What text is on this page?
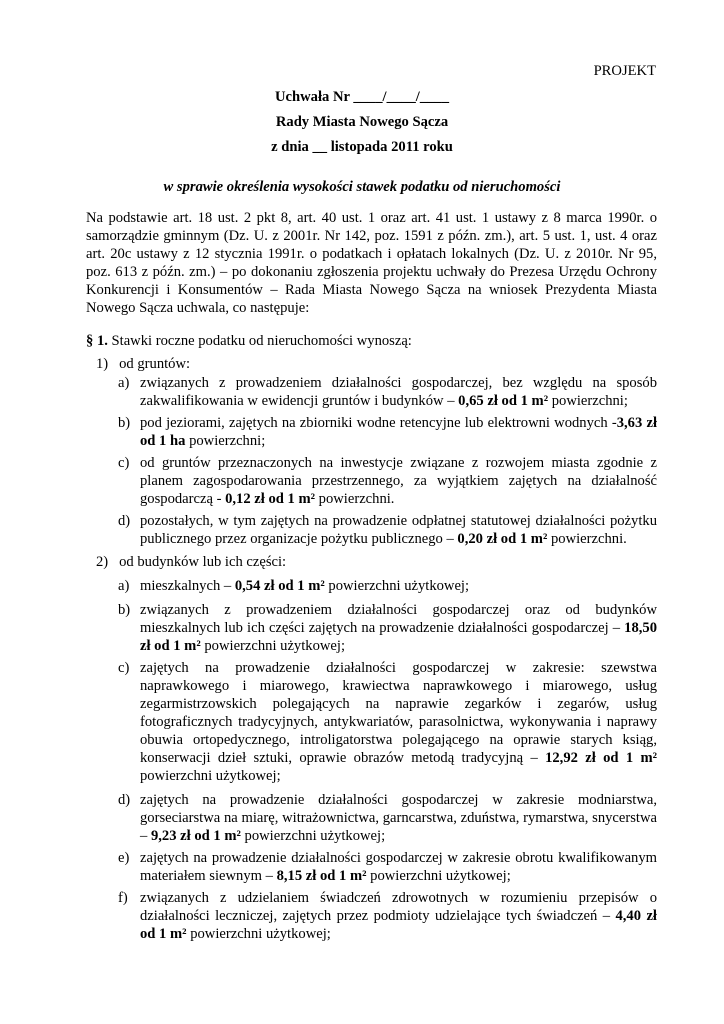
PROJEKT
Uchwała Nr ____/____/____
Rady Miasta Nowego Sącza
z dnia __ listopada 2011 roku
w sprawie określenia wysokości stawek podatku od nieruchomości
Na podstawie art. 18 ust. 2 pkt 8, art. 40 ust. 1 oraz art. 41 ust. 1 ustawy z 8 marca 1990r. o samorządzie gminnym (Dz. U. z 2001r. Nr 142, poz. 1591 z późn. zm.), art. 5 ust. 1, ust. 4 oraz art. 20c ustawy z 12 stycznia 1991r. o podatkach i opłatach lokalnych (Dz. U. z 2010r. Nr 95, poz. 613 z późn. zm.) – po dokonaniu zgłoszenia projektu uchwały do Prezesa Urzędu Ochrony Konkurencji i Konsumentów – Rada Miasta Nowego Sącza na wniosek Prezydenta Miasta Nowego Sącza uchwala, co następuje:
§ 1. Stawki roczne podatku od nieruchomości wynoszą:
1) od gruntów:
a) związanych z prowadzeniem działalności gospodarczej, bez względu na sposób zakwalifikowania w ewidencji gruntów i budynków – 0,65 zł od 1 m² powierzchni;
b) pod jeziorami, zajętych na zbiorniki wodne retencyjne lub elektrowni wodnych -3,63 zł od 1 ha powierzchni;
c) od gruntów przeznaczonych na inwestycje związane z rozwojem miasta zgodnie z planem zagospodarowania przestrzennego, za wyjątkiem zajętych na działalność gospodarczą - 0,12 zł od 1 m² powierzchni.
d) pozostałych, w tym zajętych na prowadzenie odpłatnej statutowej działalności pożytku publicznego przez organizacje pożytku publicznego – 0,20 zł od 1 m² powierzchni.
2) od budynków lub ich części:
a) mieszkalnych – 0,54 zł od 1 m² powierzchni użytkowej;
b) związanych z prowadzeniem działalności gospodarczej oraz od budynków mieszkalnych lub ich części zajętych na prowadzenie działalności gospodarczej – 18,50 zł od 1 m² powierzchni użytkowej;
c) zajętych na prowadzenie działalności gospodarczej w zakresie: szewstwa naprawkowego i miarowego, krawiectwa naprawkowego i miarowego, usług zegarmistrzowskich polegających na naprawie zegarków i zegarów, usług fotograficznych tradycyjnych, antykwariatów, parasolnictwa, wykonywania i naprawy obuwia ortopedycznego, introligatorstwa polegającego na oprawie starych ksiąg, konserwacji dzieł sztuki, oprawie obrazów metodą tradycyjną – 12,92 zł od 1 m² powierzchni użytkowej;
d) zajętych na prowadzenie działalności gospodarczej w zakresie modniarstwa, gorseciarstwa na miarę, witrażownictwa, garncarstwa, zduństwa, rymarstwa, snycerstwa – 9,23 zł od 1 m² powierzchni użytkowej;
e) zajętych na prowadzenie działalności gospodarczej w zakresie obrotu kwalifikowanym materiałem siewnym – 8,15 zł od 1 m² powierzchni użytkowej;
f) związanych z udzielaniem świadczeń zdrowotnych w rozumieniu przepisów o działalności leczniczej, zajętych przez podmioty udzielające tych świadczeń – 4,40 zł od 1 m² powierzchni użytkowej;
